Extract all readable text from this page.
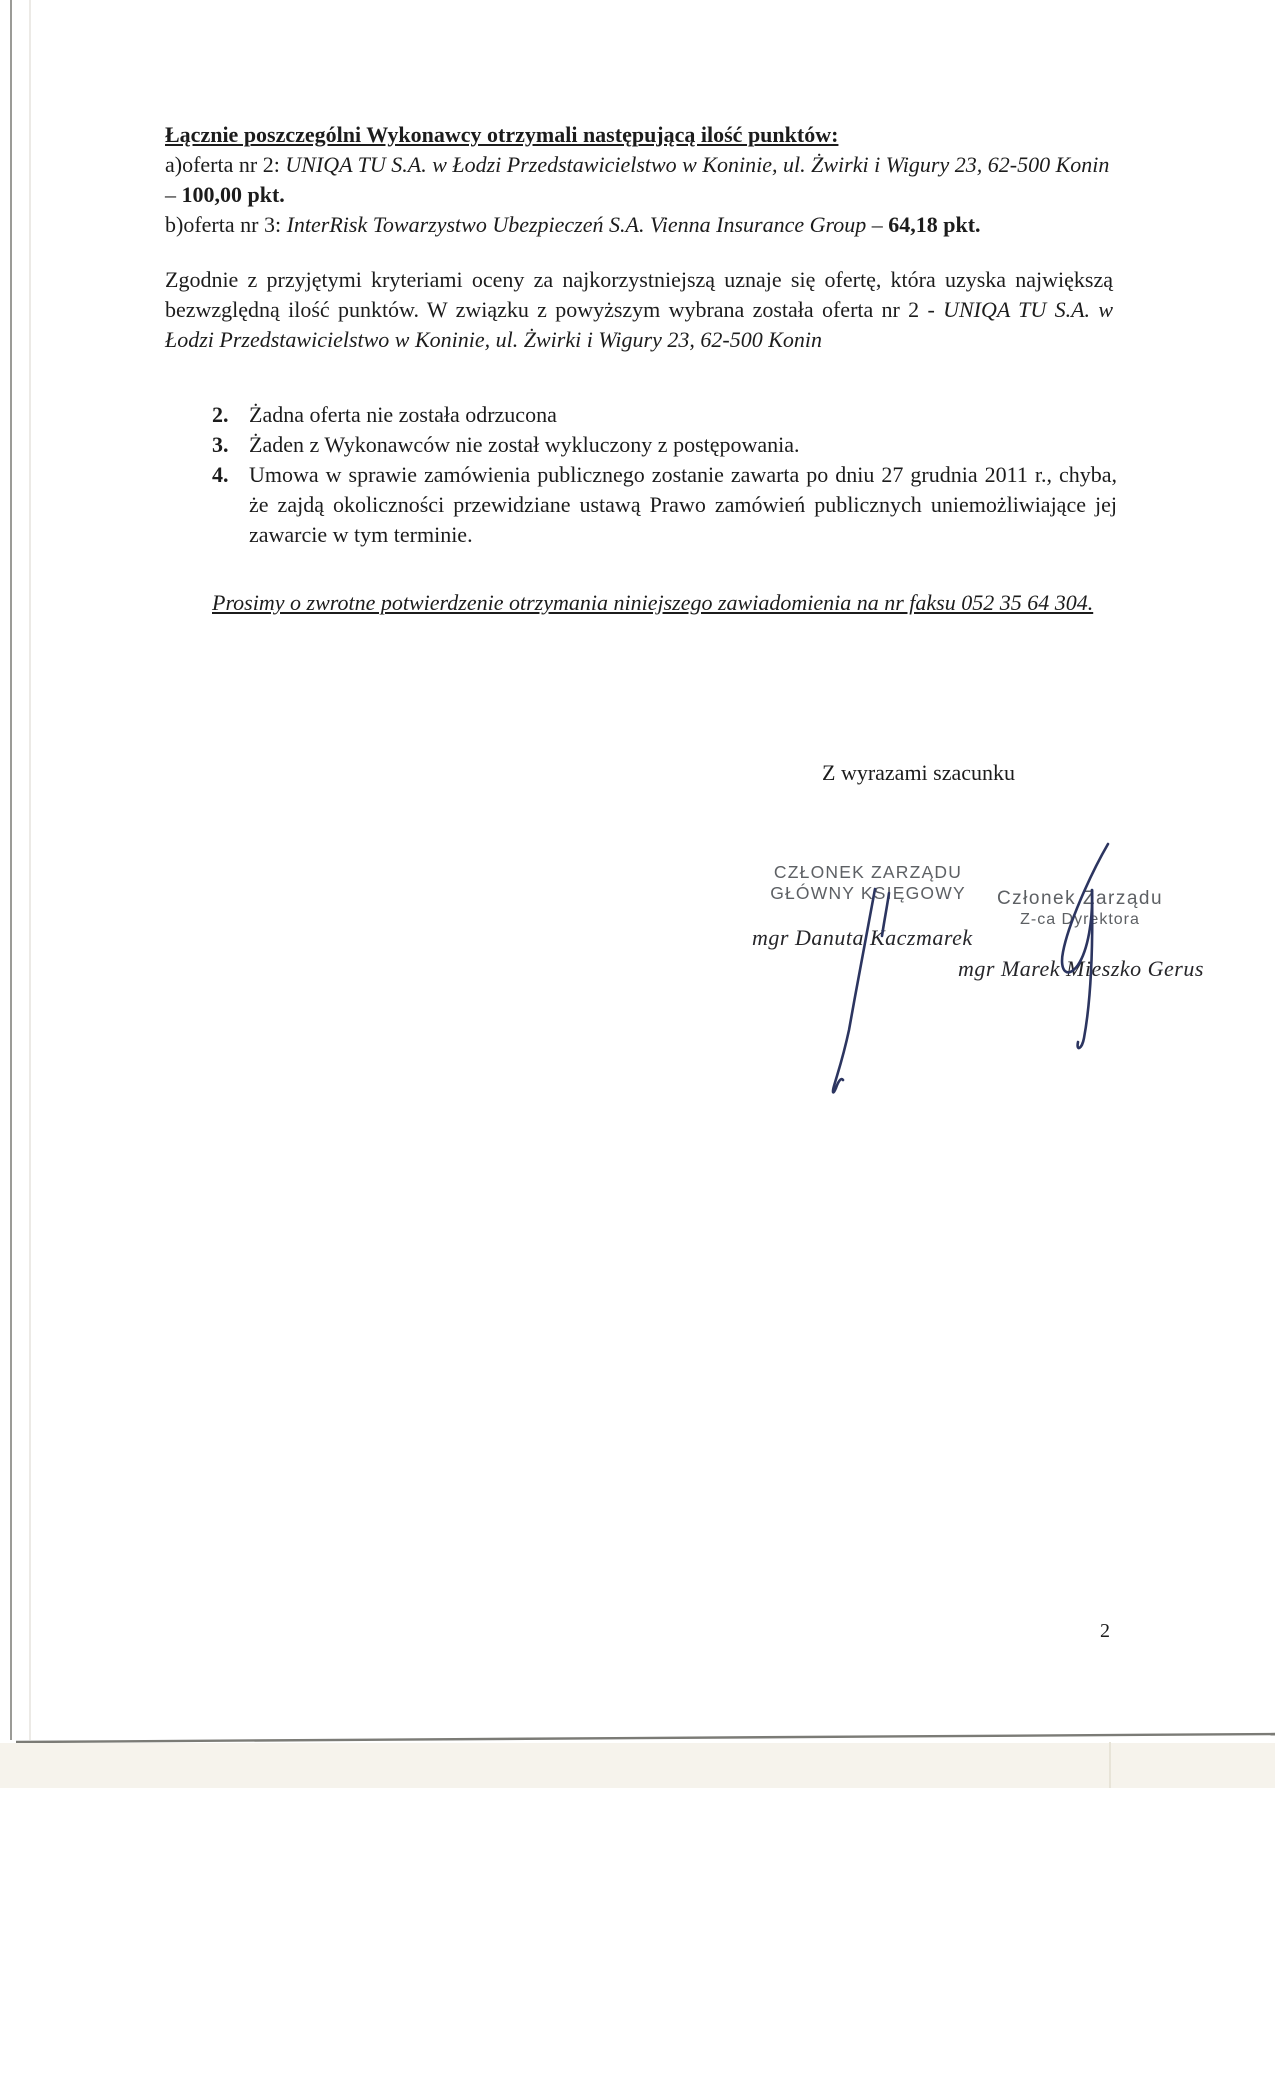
Łącznie poszczególni Wykonawcy otrzymali następującą ilość punktów:

a)oferta nr 2: UNIQA TU S.A. w Łodzi Przedstawicielstwo w Koninie, ul. Żwirki i Wigury 23, 62-500 Konin – 100,00 pkt.

b)oferta nr 3: InterRisk Towarzystwo Ubezpieczeń S.A. Vienna Insurance Group – 64,18 pkt.

Zgodnie z przyjętymi kryteriami oceny za najkorzystniejszą uznaje się ofertę, która uzyska największą bezwzględną ilość punktów. W związku z powyższym wybrana została oferta nr 2 - UNIQA TU S.A. w Łodzi Przedstawicielstwo w Koninie, ul. Żwirki i Wigury 23, 62-500 Konin
2. Żadna oferta nie została odrzucona
3. Żaden z Wykonawców nie został wykluczony z postępowania.
4. Umowa w sprawie zamówienia publicznego zostanie zawarta po dniu 27 grudnia 2011 r., chyba, że zajdą okoliczności przewidziane ustawą Prawo zamówień publicznych uniemożliwiające jej zawarcie w tym terminie.
Prosimy o zwrotne potwierdzenie otrzymania niniejszego zawiadomienia na nr faksu 052 35 64 304.
Z wyrazami szacunku
CZŁONEK ZARZĄDU
GŁÓWNY KSIĘGOWY
mgr Danuta Kaczmarek
Członek Zarządu
Z-ca Dyrektora
mgr Marek Mieszko Gerus
2
